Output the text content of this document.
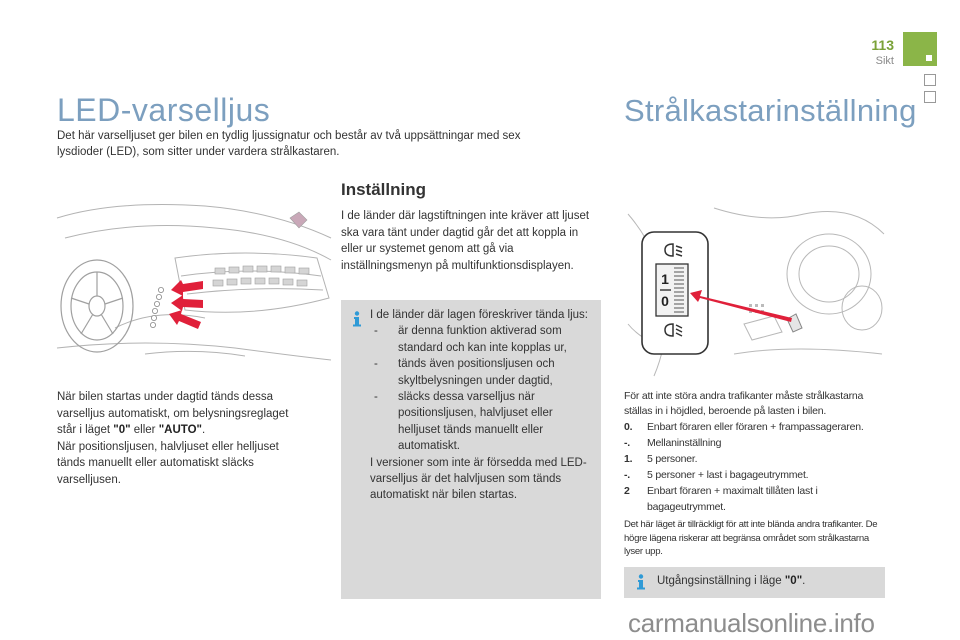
113
Sikt
LED-varselljus	Strålkastarinställning
Det här varselljuset ger bilen en tydlig ljussignatur och består av två uppsättningar med sex lysdioder (LED), som sitter under vardera strålkastaren.
När bilen startas under dagtid tänds dessa varselljus automatiskt, om belysningsreglaget står i läget "0" eller "AUTO".
När positionsljusen, halvljuset eller helljuset tänds manuellt eller automatiskt släcks varselljusen.
Inställning
I de länder där lagstiftningen inte kräver att ljuset ska vara tänt under dagtid går det att koppla in eller ur systemet genom att gå via inställningsmenyn på multifunktionsdisplayen.
I de länder där lagen föreskriver tända ljus:
-	är denna funktion aktiverad som standard och kan inte kopplas ur,
-	tänds även positionsljusen och skyltbelysningen under dagtid,
-	släcks dessa varselljus när positionsljusen, halvljuset eller helljuset tänds manuellt eller automatiskt.
I versioner som inte är försedda med LED-varselljus är det halvljusen som tänds automatiskt när bilen startas.
1
0
För att inte störa andra trafikanter måste strålkastarna ställas in i höjdled, beroende på lasten i bilen.
0.	Enbart föraren eller föraren + frampassageraren.
-.	Mellaninställning
1.	5 personer.
-.	5 personer + last i bagageutrymmet.
2	Enbart föraren + maximalt tillåten last i bagageutrymmet.
Det här läget är tillräckligt för att inte blända andra trafikanter. De högre lägena riskerar att begränsa området som strålkastarna lyser upp.
Utgångsinställning i läge "0".
carmanualsonline.info
